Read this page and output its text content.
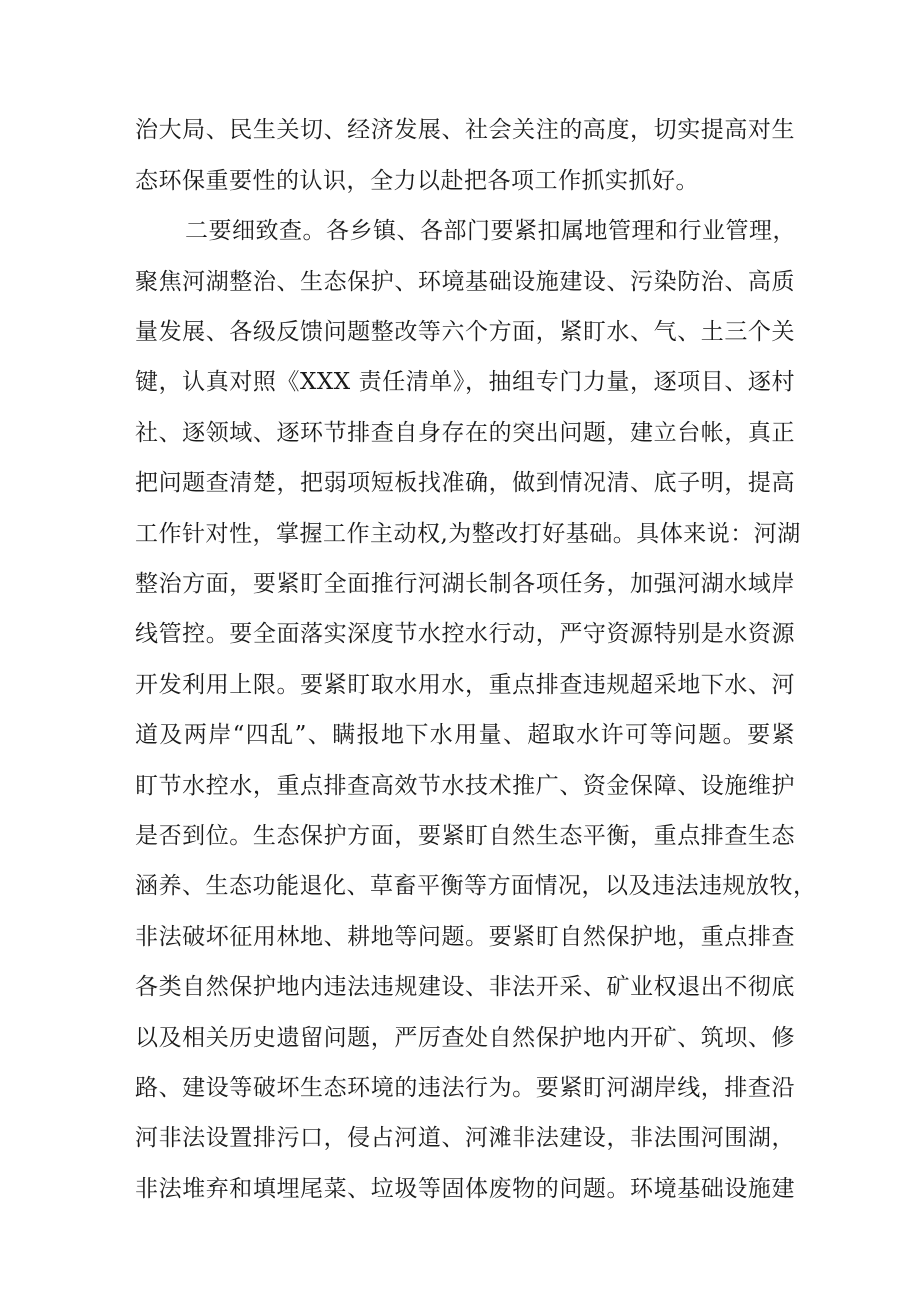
治大局、民生关切、经济发展、社会关注的高度，切实提高对生
态环保重要性的认识，全力以赴把各项工作抓实抓好。
二要细致查。各乡镇、各部门要紧扣属地管理和行业管理，
聚焦河湖整治、生态保护、环境基础设施建设、污染防治、高质
量发展、各级反馈问题整改等六个方面，紧盯水、气、土三个关
键，认真对照《XXX 责任清单》，抽组专门力量，逐项目、逐村
社、逐领域、逐环节排查自身存在的突出问题，建立台帐，真正
把问题查清楚，把弱项短板找准确，做到情况清、底子明，提高
工作针对性，掌握工作主动权,为整改打好基础。具体来说：河湖
整治方面，要紧盯全面推行河湖长制各项任务，加强河湖水域岸
线管控。要全面落实深度节水控水行动，严守资源特别是水资源
开发利用上限。要紧盯取水用水，重点排查违规超采地下水、河
道及两岸“四乱”、瞒报地下水用量、超取水许可等问题。要紧
盯节水控水，重点排查高效节水技术推广、资金保障、设施维护
是否到位。生态保护方面，要紧盯自然生态平衡，重点排查生态
涵养、生态功能退化、草畜平衡等方面情况，以及违法违规放牧，
非法破坏征用林地、耕地等问题。要紧盯自然保护地，重点排查
各类自然保护地内违法违规建设、非法开采、矿业权退出不彻底
以及相关历史遗留问题，严厉查处自然保护地内开矿、筑坝、修
路、建设等破坏生态环境的违法行为。要紧盯河湖岸线，排查沿
河非法设置排污口，侵占河道、河滩非法建设，非法围河围湖，
非法堆弃和填埋尾菜、垃圾等固体废物的问题。环境基础设施建
